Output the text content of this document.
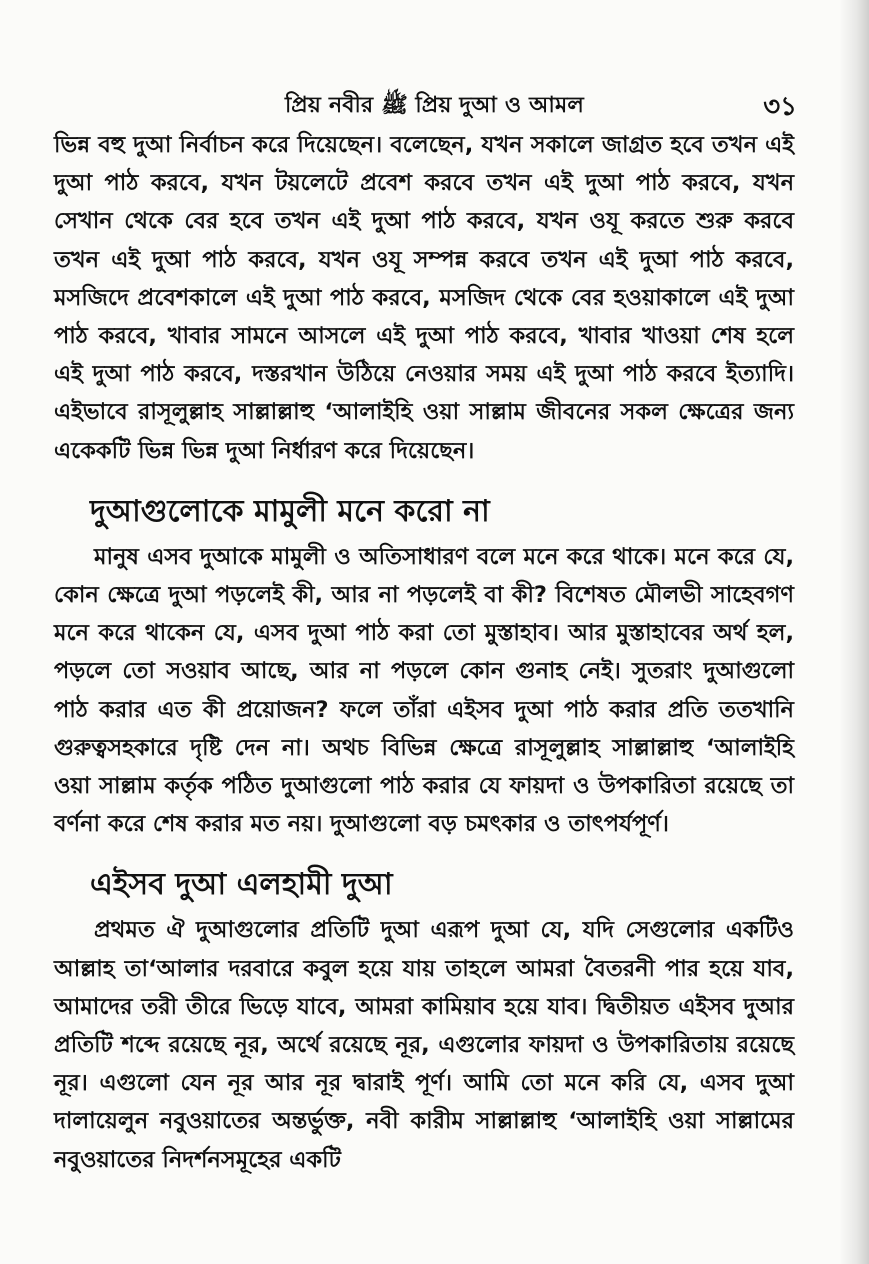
প্রিয় নবীর ﷺ প্রিয় দুআ ও আমল	৩১

ভিন্ন বহু দুআ নির্বাচন করে দিয়েছেন। বলেছেন, যখন সকালে জাগ্রত হবে তখন এই দুআ পাঠ করবে, যখন টয়লেটে প্রবেশ করবে তখন এই দুআ পাঠ করবে, যখন সেখান থেকে বের হবে তখন এই দুআ পাঠ করবে, যখন ওযূ করতে শুরু করবে তখন এই দুআ পাঠ করবে, যখন ওযূ সম্পন্ন করবে তখন এই দুআ পাঠ করবে, মসজিদে প্রবেশকালে এই দুআ পাঠ করবে, মসজিদ থেকে বের হওয়াকালে এই দুআ পাঠ করবে, খাবার সামনে আসলে এই দুআ পাঠ করবে, খাবার খাওয়া শেষ হলে এই দুআ পাঠ করবে, দস্তরখান উঠিয়ে নেওয়ার সময় এই দুআ পাঠ করবে ইত্যাদি। এইভাবে রাসূলুল্লাহ সাল্লাল্লাহু ‘আলাইহি ওয়া সাল্লাম জীবনের সকল ক্ষেত্রের জন্য একেকটি ভিন্ন ভিন্ন দুআ নির্ধারণ করে দিয়েছেন।

দুআগুলোকে মামুলী মনে করো না

মানুষ এসব দুআকে মামুলী ও অতিসাধারণ বলে মনে করে থাকে। মনে করে যে, কোন ক্ষেত্রে দুআ পড়লেই কী, আর না পড়লেই বা কী? বিশেষত মৌলভী সাহেবগণ মনে করে থাকেন যে, এসব দুআ পাঠ করা তো মুস্তাহাব। আর মুস্তাহাবের অর্থ হল, পড়লে তো সওয়াব আছে, আর না পড়লে কোন গুনাহ নেই। সুতরাং দুআগুলো পাঠ করার এত কী প্রয়োজন? ফলে তাঁরা এইসব দুআ পাঠ করার প্রতি ততখানি গুরুত্বসহকারে দৃষ্টি দেন না। অথচ বিভিন্ন ক্ষেত্রে রাসূলুল্লাহ সাল্লাল্লাহু ‘আলাইহি ওয়া সাল্লাম কর্তৃক পঠিত দুআগুলো পাঠ করার যে ফায়দা ও উপকারিতা রয়েছে তা বর্ণনা করে শেষ করার মত নয়। দুআগুলো বড় চমৎকার ও তাৎপর্যপূর্ণ।

এইসব দুআ এলহামী দুআ

প্রথমত ঐ দুআগুলোর প্রতিটি দুআ এরূপ দুআ যে, যদি সেগুলোর একটিও আল্লাহ তা‘আলার দরবারে কবুল হয়ে যায় তাহলে আমরা বৈতরনী পার হয়ে যাব, আমাদের তরী তীরে ভিড়ে যাবে, আমরা কামিয়াব হয়ে যাব। দ্বিতীয়ত এইসব দুআর প্রতিটি শব্দে রয়েছে নূর, অর্থে রয়েছে নূর, এগুলোর ফায়দা ও উপকারিতায় রয়েছে নূর। এগুলো যেন নূর আর নূর দ্বারাই পূর্ণ। আমি তো মনে করি যে, এসব দুআ দালায়েলুন নবুওয়াতের অন্তর্ভুক্ত, নবী কারীম সাল্লাল্লাহু ‘আলাইহি ওয়া সাল্লামের নবুওয়াতের নিদর্শনসমূহের একটি
